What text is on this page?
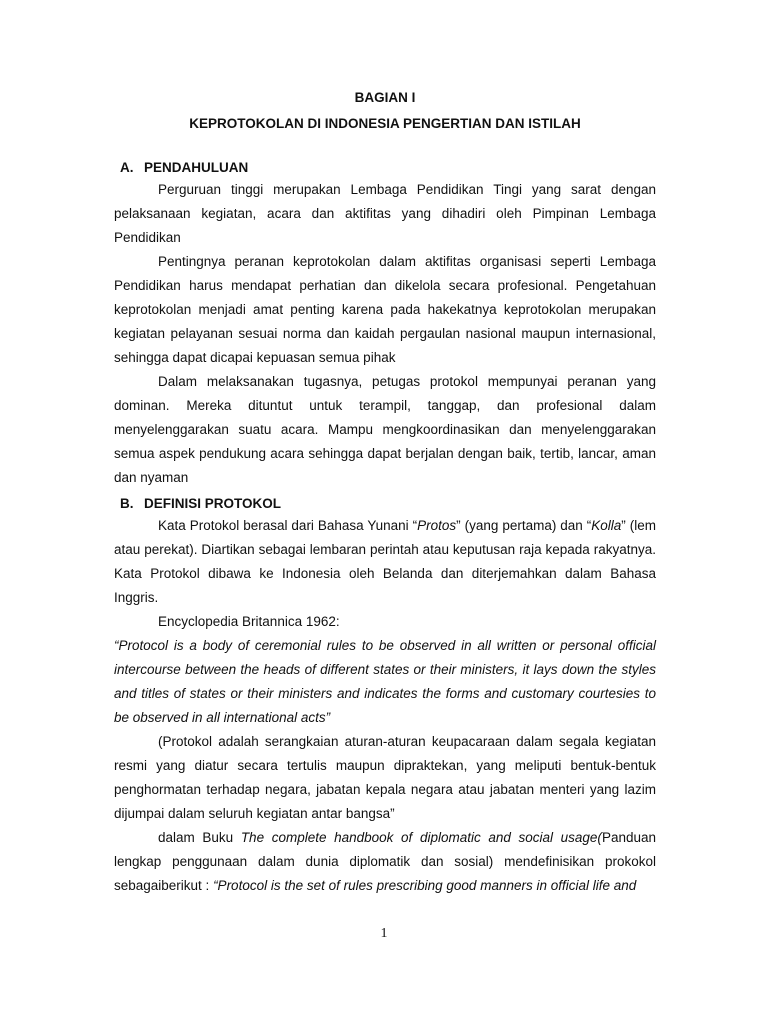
BAGIAN I
KEPROTOKOLAN DI INDONESIA PENGERTIAN DAN ISTILAH
A. PENDAHULUAN

Perguruan tinggi merupakan Lembaga Pendidikan Tingi yang sarat dengan pelaksanaan kegiatan, acara dan aktifitas yang dihadiri oleh Pimpinan Lembaga Pendidikan

Pentingnya peranan keprotokolan dalam aktifitas organisasi seperti Lembaga Pendidikan harus mendapat perhatian dan dikelola secara profesional. Pengetahuan keprotokolan menjadi amat penting karena pada hakekatnya keprotokolan merupakan kegiatan pelayanan sesuai norma dan kaidah pergaulan nasional maupun internasional, sehingga dapat dicapai kepuasan semua pihak

Dalam melaksanakan tugasnya, petugas protokol mempunyai peranan yang dominan. Mereka dituntut untuk terampil, tanggap, dan profesional dalam menyelenggarakan suatu acara. Mampu mengkoordinasikan dan menyelenggarakan semua aspek pendukung acara sehingga dapat berjalan dengan baik, tertib, lancar, aman dan nyaman

B. DEFINISI PROTOKOL

Kata Protokol berasal dari Bahasa Yunani “Protos” (yang pertama) dan “Kolla” (lem atau perekat). Diartikan sebagai lembaran perintah atau keputusan raja kepada rakyatnya. Kata Protokol dibawa ke Indonesia oleh Belanda dan diterjemahkan dalam Bahasa Inggris.

Encyclopedia Britannica 1962:

“Protocol is a body of ceremonial rules to be observed in all written or personal official intercourse between the heads of different states or their ministers, it lays down the styles and titles of states or their ministers and indicates the forms and customary courtesies to be observed in all international acts”

(Protokol adalah serangkaian aturan-aturan keupacaraan dalam segala kegiatan resmi yang diatur secara tertulis maupun dipraktekan, yang meliputi bentuk-bentuk penghormatan terhadap negara, jabatan kepala negara atau jabatan menteri yang lazim dijumpai dalam seluruh kegiatan antar bangsa”

dalam Buku The complete handbook of diplomatic and social usage(Panduan lengkap penggunaan dalam dunia diplomatik dan sosial) mendefinisikan prokokol sebagaiberikut : “Protocol is the set of rules prescribing good manners in official life and

1
